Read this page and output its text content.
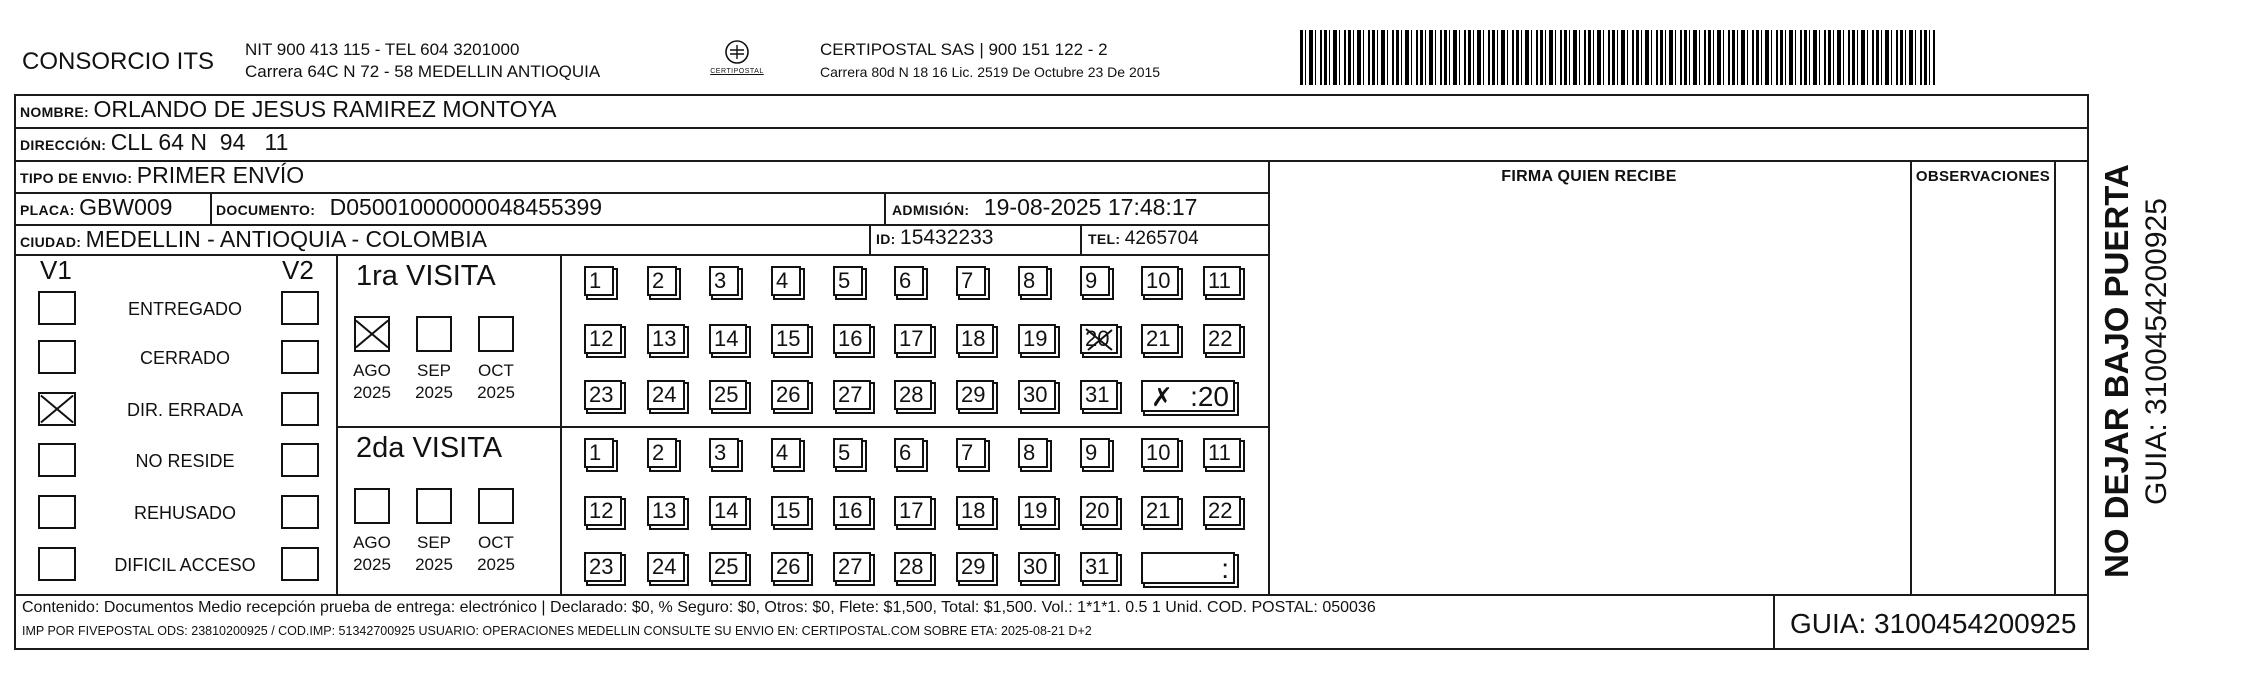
CONSORCIO ITS NIT 900 413 115 - TEL 604 3201000
Carrera 64C N 72 - 58 MEDELLIN ANTIOQUIA	CERTIPOSTAL
CERTIPOSTAL SAS | 900 151 122 - 2
Carrera 80d N 18 16 Lic. 2519 De Octubre 23 De 2015
NOMBRE: ORLANDO DE JESUS RAMIREZ MONTOYA
DIRECCIÓN: CLL 64 N  94   11
TIPO DE ENVIO: PRIMER ENVÍO	FIRMA QUIEN RECIBE	OBSERVACIONES
PLACA: GBW009	DOCUMENTO: D05001000000048455399	ADMISIÓN: 19-08-2025 17:48:17
CIUDAD: MEDELLIN - ANTIOQUIA - COLOMBIA	ID: 15432233	TEL: 4265704
V1	V2
Contenido: Documentos Medio recepción prueba de entrega: electrónico | Declarado: $0, % Seguro: $0, Otros: $0, Flete: $1,500, Total: $1,500. Vol.: 1*1*1. 0.5 1 Unid. COD. POSTAL: 050036
IMP POR FIVEPOSTAL ODS: 23810200925 / COD.IMP: 51342700925 USUARIO: OPERACIONES MEDELLIN CONSULTE SU ENVIO EN: CERTIPOSTAL.COM SOBRE ETA: 2025-08-21 D+2	GUIA: 3100454200925
NO DEJAR BAJO PUERTA GUIA: 3100454200925
ENTREGADO
CERRADO
DIR. ERRADA
NO RESIDE
REHUSADO
DIFICIL ACCESO
1ra VISITA
AGO
2025
SEP
2025
OCT
2025
1	2	3	4	5	6	7	8	9	10	11
12	13	14	15	16	17	18	19	20	21	22
23	24	25	26	27	28	29	30	31	✗ :20
2da VISITA
AGO
2025
SEP
2025
OCT
2025
1	2	3	4	5	6	7	8	9	10	11
12	13	14	15	16	17	18	19	20	21	22
23	24	25	26	27	28	29	30	31	:
